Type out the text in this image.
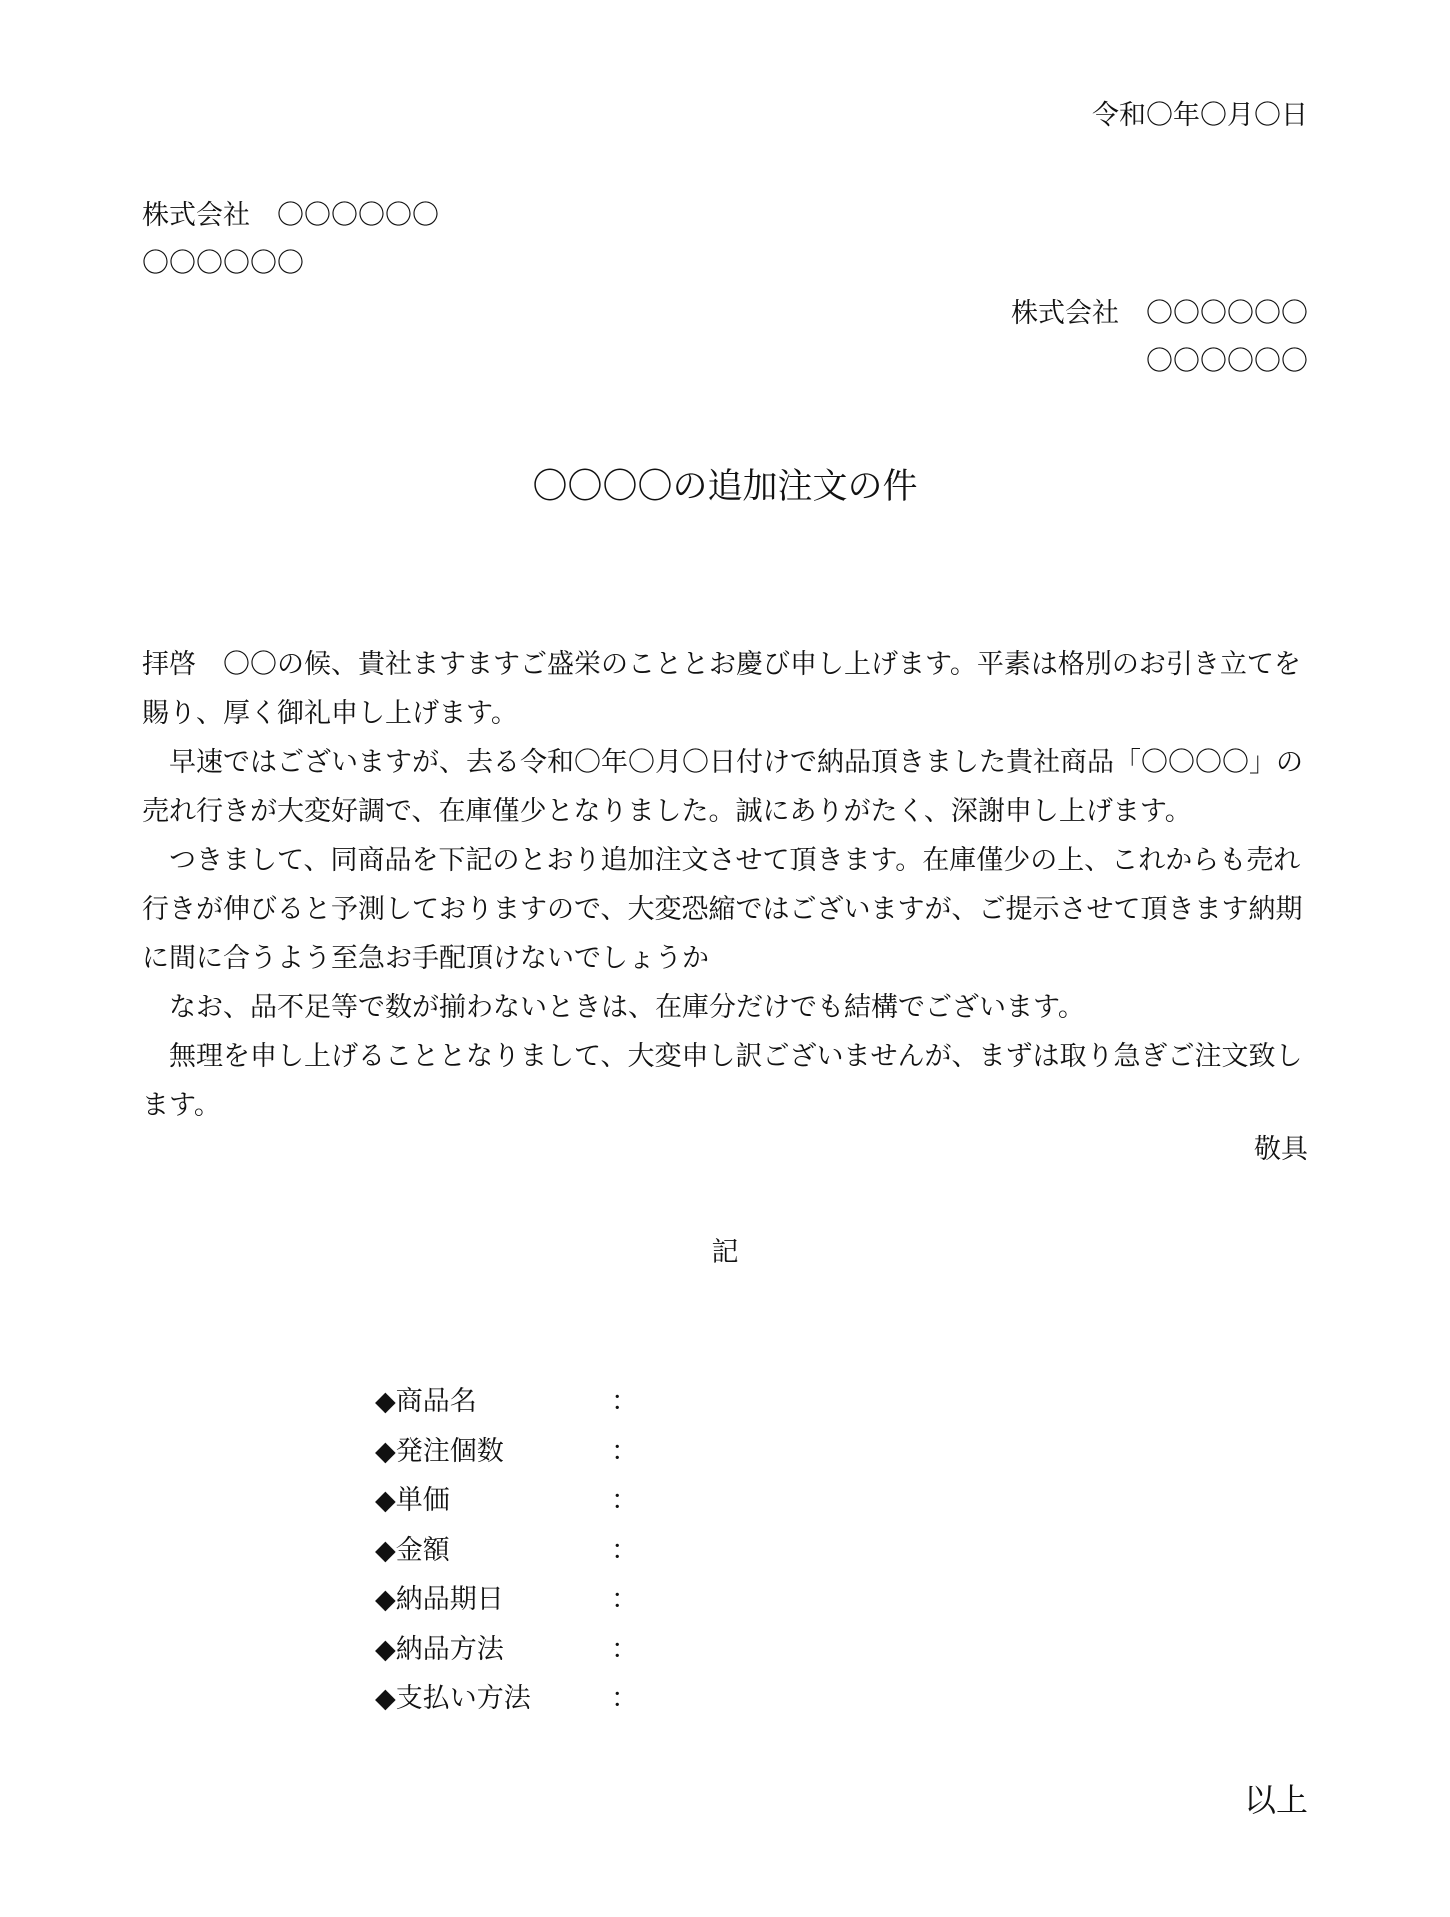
令和〇年〇月〇日
株式会社　〇〇〇〇〇〇
〇〇〇〇〇〇
株式会社　〇〇〇〇〇〇
〇〇〇〇〇〇
〇〇〇〇の追加注文の件

拝啓　〇〇の候、貴社ますますご盛栄のこととお慶び申し上げます。平素は格別のお引き立てを賜り、厚く御礼申し上げます。

早速ではございますが、去る令和〇年〇月〇日付けで納品頂きました貴社商品「〇〇〇〇」の売れ行きが大変好調で、在庫僅少となりました。誠にありがたく、深謝申し上げます。

つきまして、同商品を下記のとおり追加注文させて頂きます。在庫僅少の上、これからも売れ行きが伸びると予測しておりますので、大変恐縮ではございますが、ご提示させて頂きます納期に間に合うよう至急お手配頂けないでしょうか

なお、品不足等で数が揃わないときは、在庫分だけでも結構でございます。

無理を申し上げることとなりまして、大変申し訳ございませんが、まずは取り急ぎご注文致します。

敬具
記
◆商品名	：
◆発注個数	：
◆単価	：
◆金額	：
◆納品期日	：
◆納品方法	：
◆支払い方法	：
以上
